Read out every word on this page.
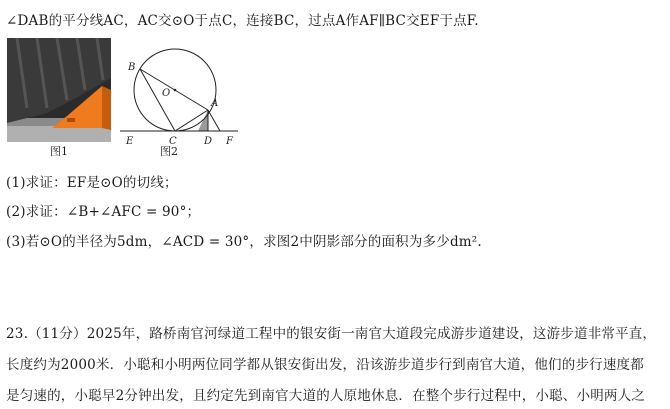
∠DAB的平分线AC，AC交⊙O于点C，连接BC，过点A作AF∥BC交EF于点F.
图1
B
O
A
E	C	D F
图2
(1)求证：EF是⊙O的切线；
(2)求证：∠B+∠AFC = 90°；
(3)若⊙O的半径为5dm，∠ACD = 30°，求图2中阴影部分的面积为多少dm².
23.（11分）2025年，路桥南官河绿道工程中的银安街一南官大道段完成游步道建设，这游步道非常平直，
长度约为2000米．小聪和小明两位同学都从银安街出发，沿该游步道步行到南官大道，他们的步行速度都
是匀速的，小聪早2分钟出发，且约定先到南官大道的人原地休息．在整个步行过程中，小聪、小明两人之
